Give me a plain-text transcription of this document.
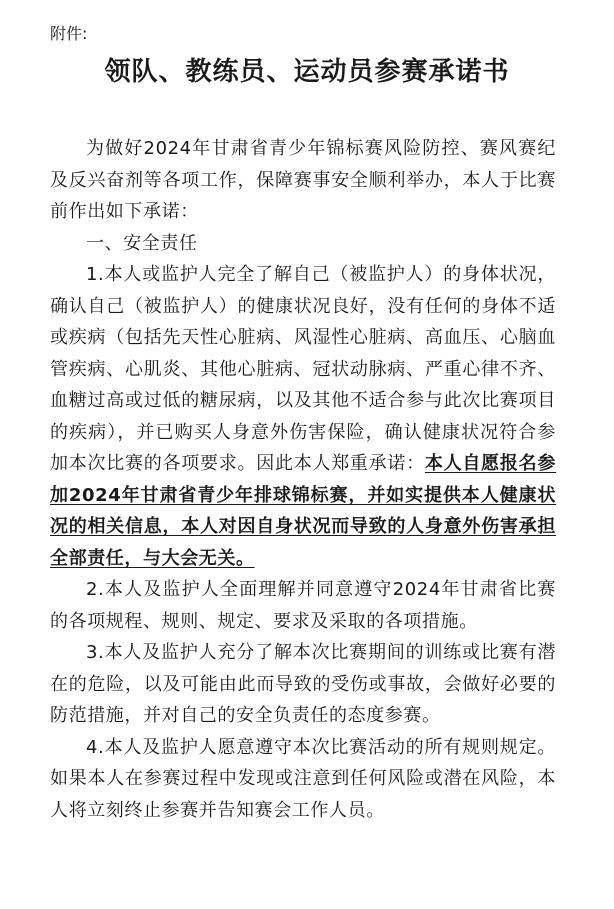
附件:
领队、教练员、运动员参赛承诺书

为做好2024年甘肃省青少年锦标赛风险防控、赛风赛纪及反兴奋剂等各项工作，保障赛事安全顺利举办，本人于比赛前作出如下承诺：

一、安全责任

1.本人或监护人完全了解自己（被监护人）的身体状况，确认自己（被监护人）的健康状况良好，没有任何的身体不适或疾病（包括先天性心脏病、风湿性心脏病、高血压、心脑血管疾病、心肌炎、其他心脏病、冠状动脉病、严重心律不齐、血糖过高或过低的糖尿病，以及其他不适合参与此次比赛项目的疾病），并已购买人身意外伤害保险，确认健康状况符合参加本次比赛的各项要求。因此本人郑重承诺：本人自愿报名参加2024年甘肃省青少年排球锦标赛，并如实提供本人健康状况的相关信息，本人对因自身状况而导致的人身意外伤害承担全部责任，与大会无关。

2.本人及监护人全面理解并同意遵守2024年甘肃省比赛的各项规程、规则、规定、要求及采取的各项措施。

3.本人及监护人充分了解本次比赛期间的训练或比赛有潜在的危险，以及可能由此而导致的受伤或事故，会做好必要的防范措施，并对自己的安全负责任的态度参赛。

4.本人及监护人愿意遵守本次比赛活动的所有规则规定。如果本人在参赛过程中发现或注意到任何风险或潜在风险，本人将立刻终止参赛并告知赛会工作人员。
